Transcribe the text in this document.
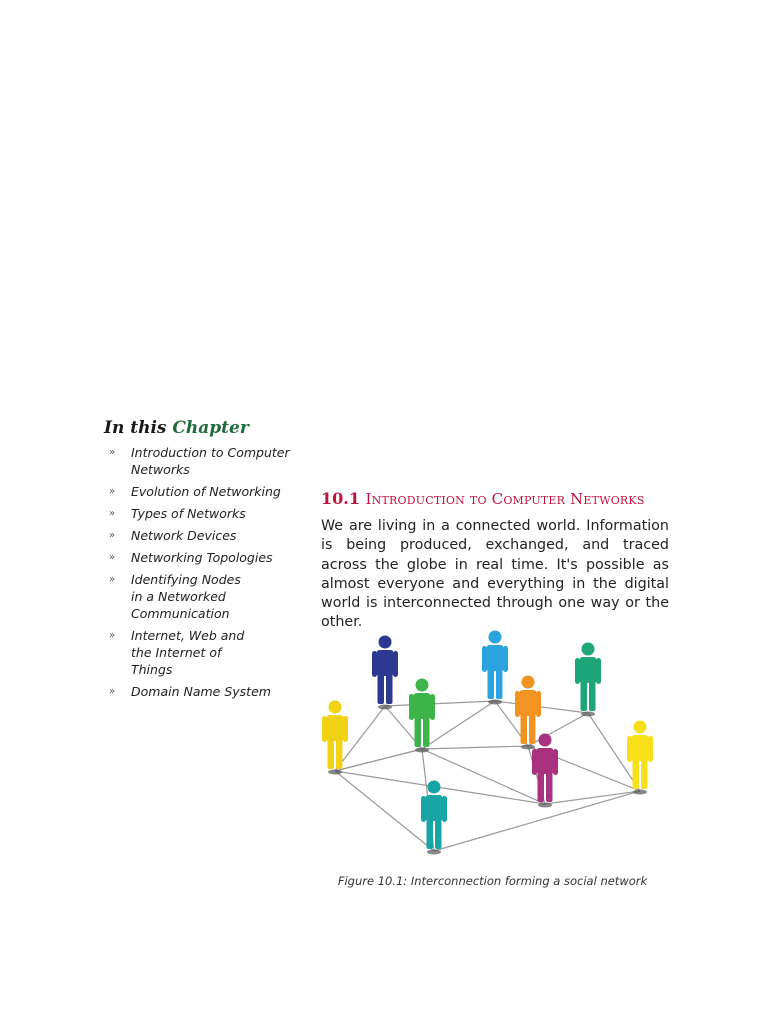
In this Chapter
» Introduction to Computer Networks
» Evolution of Networking
» Types of Networks
» Network Devices
» Networking Topologies
» Identifying Nodes in a Networked Communication
» Internet, Web and the Internet of Things
» Domain Name System
10.1 Introduction to Computer Networks

We are living in a connected world. Information is being produced, exchanged, and traced across the globe in real time. It's possible as almost everyone and everything in the digital world is interconnected through one way or the other.

Figure 10.1: Interconnection forming a social network
